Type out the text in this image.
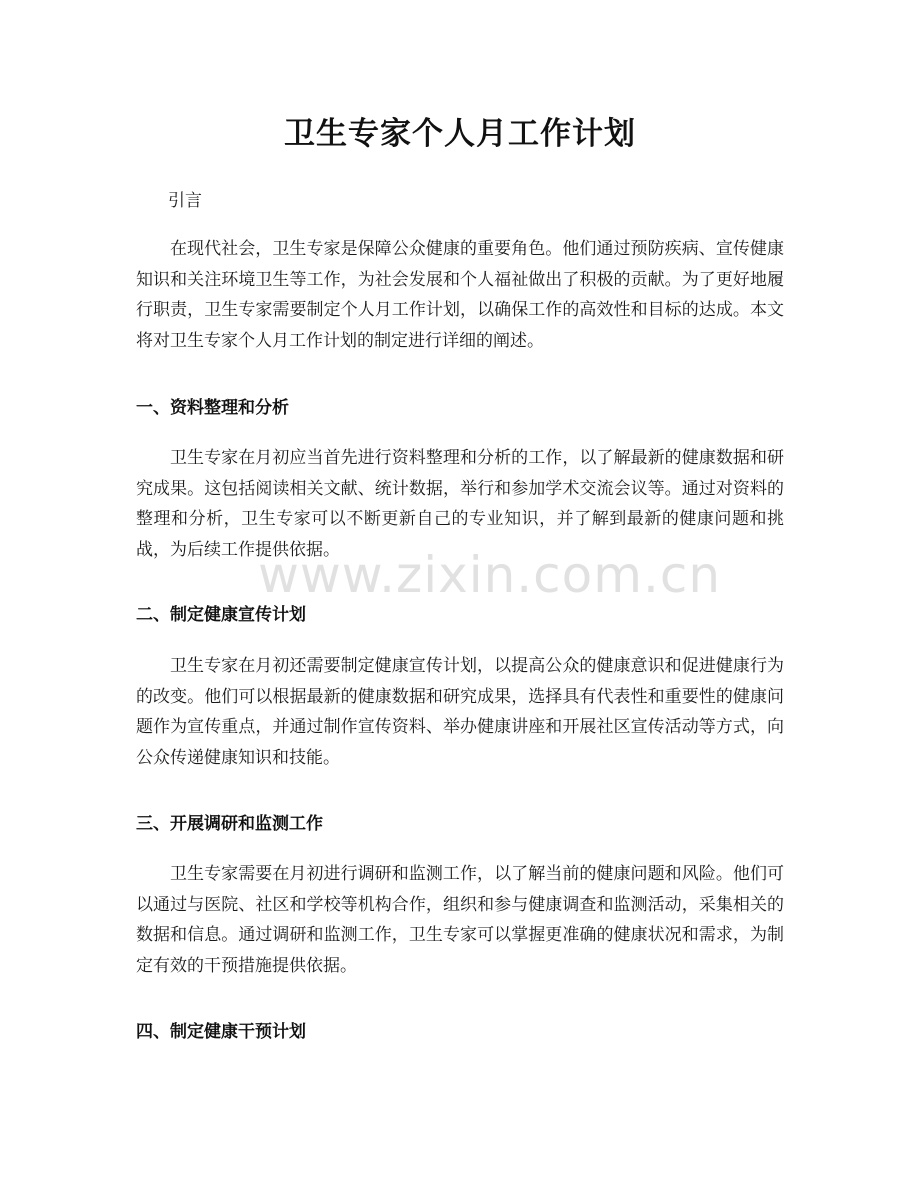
卫生专家个人月工作计划

引言

在现代社会，卫生专家是保障公众健康的重要角色。他们通过预防疾病、宣传健康知识和关注环境卫生等工作，为社会发展和个人福祉做出了积极的贡献。为了更好地履行职责，卫生专家需要制定个人月工作计划，以确保工作的高效性和目标的达成。本文将对卫生专家个人月工作计划的制定进行详细的阐述。

一、资料整理和分析

卫生专家在月初应当首先进行资料整理和分析的工作，以了解最新的健康数据和研究成果。这包括阅读相关文献、统计数据，举行和参加学术交流会议等。通过对资料的整理和分析，卫生专家可以不断更新自己的专业知识，并了解到最新的健康问题和挑战，为后续工作提供依据。

二、制定健康宣传计划

卫生专家在月初还需要制定健康宣传计划，以提高公众的健康意识和促进健康行为的改变。他们可以根据最新的健康数据和研究成果，选择具有代表性和重要性的健康问题作为宣传重点，并通过制作宣传资料、举办健康讲座和开展社区宣传活动等方式，向公众传递健康知识和技能。

三、开展调研和监测工作

卫生专家需要在月初进行调研和监测工作，以了解当前的健康问题和风险。他们可以通过与医院、社区和学校等机构合作，组织和参与健康调查和监测活动，采集相关的数据和信息。通过调研和监测工作，卫生专家可以掌握更准确的健康状况和需求，为制定有效的干预措施提供依据。

四、制定健康干预计划
www.zixin.com.cn
